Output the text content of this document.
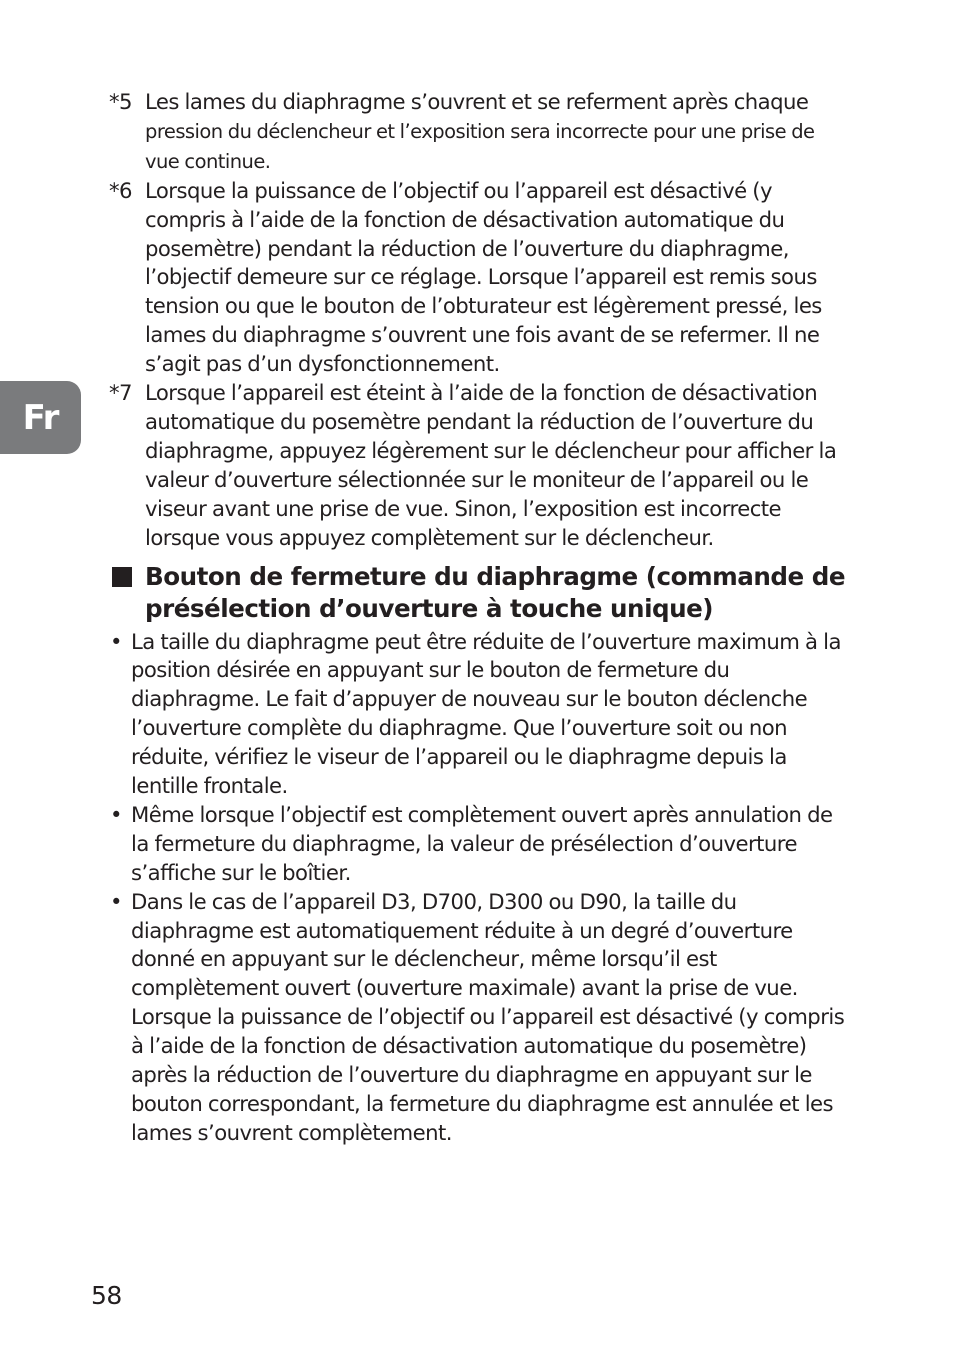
Fr
*5 Les lames du diaphragme s’ouvrent et se referment après chaque pression du déclencheur et l’exposition sera incorrecte pour une prise de vue continue.
*6 Lorsque la puissance de l’objectif ou l’appareil est désactivé (y compris à l’aide de la fonction de désactivation automatique du posemètre) pendant la réduction de l’ouverture du diaphragme, l’objectif demeure sur ce réglage. Lorsque l’appareil est remis sous tension ou que le bouton de l’obturateur est légèrement pressé, les lames du diaphragme s’ouvrent une fois avant de se refermer. Il ne s’agit pas d’un dysfonctionnement.
*7 Lorsque l’appareil est éteint à l’aide de la fonction de désactivation automatique du posemètre pendant la réduction de l’ouverture du diaphragme, appuyez légèrement sur le déclencheur pour afficher la valeur d’ouverture sélectionnée sur le moniteur de l’appareil ou le viseur avant une prise de vue. Sinon, l’exposition est incorrecte lorsque vous appuyez complètement sur le déclencheur.
Bouton de fermeture du diaphragme (commande de présélection d’ouverture à touche unique)
• La taille du diaphragme peut être réduite de l’ouverture maximum à la position désirée en appuyant sur le bouton de fermeture du diaphragme. Le fait d’appuyer de nouveau sur le bouton déclenche l’ouverture complète du diaphragme. Que l’ouverture soit ou non réduite, vérifiez le viseur de l’appareil ou le diaphragme depuis la lentille frontale.
• Même lorsque l’objectif est complètement ouvert après annulation de la fermeture du diaphragme, la valeur de présélection d’ouverture s’affiche sur le boîtier.
• Dans le cas de l’appareil D3, D700, D300 ou D90, la taille du diaphragme est automatiquement réduite à un degré d’ouverture donné en appuyant sur le déclencheur, même lorsqu’il est complètement ouvert (ouverture maximale) avant la prise de vue. Lorsque la puissance de l’objectif ou l’appareil est désactivé (y compris à l’aide de la fonction de désactivation automatique du posemètre) après la réduction de l’ouverture du diaphragme en appuyant sur le bouton correspondant, la fermeture du diaphragme est annulée et les lames s’ouvrent complètement.
58
